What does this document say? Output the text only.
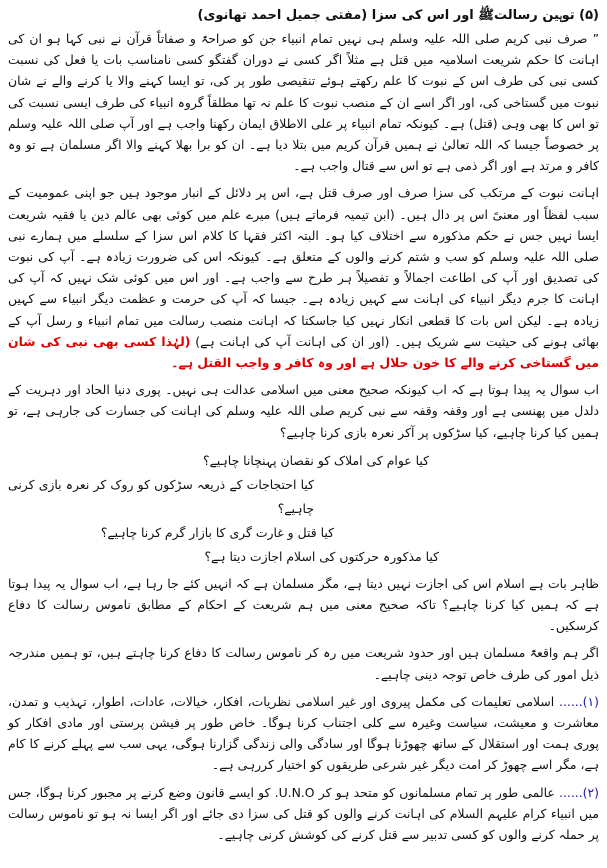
(۵) توہین رسالتﷺ اور اس کی سزا (مفتی جمیل احمد تھانوی)

” صرف نبی کریم صلی اللہ علیہ وسلم ہی نہیں تمام انبیاء جن کو صراحۃً و صفاتاً قرآن نے نبی کہا ہو ان کی اہانت کا حکم شریعت اسلامیہ میں قتل ہے مثلاً اگر کسی نے دوران گفتگو کسی نامناسب بات یا فعل کی نسبت کسی نبی کی طرف اس کے نبوت کا علم رکھتے ہوئے تنقیصی طور پر کی، تو ایسا کہنے والا یا کرنے والے نے شان نبوت میں گستاخی کی، اور اگر اسے ان کے منصب نبوت کا علم نہ تھا مطلقاً گروہ انبیاء کی طرف ایسی نسبت کی تو اس کا بھی وہی (قتل) ہے۔ کیونکہ تمام انبیاء پر علی الاطلاق ایمان رکھنا واجب ہے اور آپ صلی اللہ علیہ وسلم پر خصوصاً جیسا کہ اللہ تعالیٰ نے ہمیں قرآن کریم میں بتلا دیا ہے۔ ان کو برا بھلا کہنے والا اگر مسلمان ہے تو وہ کافر و مرتد ہے اور اگر ذمی ہے تو اس سے قتال واجب ہے۔

اہانت نبوت کے مرتکب کی سزا صرف اور صرف قتل ہے، اس پر دلائل کے انبار موجود ہیں جو اپنی عمومیت کے سبب لفظاً اور معنیً اس پر دال ہیں۔ (ابن تیمیہ فرماتے ہیں) میرے علم میں کوئی بھی عالم دین یا فقیہ شریعت ایسا نہیں جس نے حکم مذکورہ سے اختلاف کیا ہو۔ البتہ اکثر فقہا کا کلام اس سزا کے سلسلے میں ہمارے نبی صلی اللہ علیہ وسلم کو سب و شتم کرنے والوں کے متعلق ہے۔ کیونکہ اس کی ضرورت زیادہ ہے۔ آپ کی نبوت کی تصدیق اور آپ کی اطاعت اجمالاً و تفصیلاً ہر طرح سے واجب ہے۔ اور اس میں کوئی شک نہیں کہ آپ کی اہانت کا جرم دیگر انبیاء کی اہانت سے کہیں زیادہ ہے۔ جیسا کہ آپ کی حرمت و عظمت دیگر انبیاء سے کہیں زیادہ ہے۔ لیکن اس بات کا قطعی انکار نہیں کیا جاسکتا کہ اہانت منصب رسالت میں تمام انبیاء و رسل آپ کے بھائی ہونے کی حیثیت سے شریک ہیں۔ (اور ان کی اہانت آپ کی اہانت ہے) (لہٰذا کسی بھی نبی کی شان میں گستاخی کرنے والے کا خون حلال ہے اور وہ کافر و واجب القتل ہے۔

اب سوال یہ پیدا ہوتا ہے کہ اب کیونکہ صحیح معنی میں اسلامی عدالت ہی نہیں۔ پوری دنیا الحاد اور دہریت کے دلدل میں پھنسی ہے اور وقفہ وقفہ سے نبی کریم صلی اللہ علیہ وسلم کی اہانت کی جسارت کی جارہی ہے، تو ہمیں کیا کرنا چاہیے، کیا سڑکوں پر آکر نعرہ بازی کرنا چاہیے؟

کیا عوام کی املاک کو نقصان پہنچانا چاہیے؟
کیا احتجاجات کے ذریعہ سڑکوں کو روک کر نعرہ بازی کرنی چاہیے؟
کیا قتل و غارت گری کا بازار گرم کرنا چاہیے؟
کیا مذکورہ حرکتوں کی اسلام اجازت دیتا ہے؟

ظاہر بات ہے اسلام اس کی اجازت نہیں دیتا ہے، مگر مسلمان ہے کہ انہیں کئے جا رہا ہے، اب سوال یہ پیدا ہوتا ہے کہ ہمیں کیا کرنا چاہیے؟ تاکہ صحیح معنی میں ہم شریعت کے احکام کے مطابق ناموس رسالت کا دفاع کرسکیں۔

اگر ہم واقعۃً مسلمان ہیں اور حدود شریعت میں رہ کر ناموس رسالت کا دفاع کرنا چاہتے ہیں، تو ہمیں مندرجہ ذیل امور کی طرف خاص توجہ دینی چاہیے۔

(۱)...... اسلامی تعلیمات کی مکمل پیروی اور غیر اسلامی نظریات، افکار، خیالات، عادات، اطوار، تہذیب و تمدن، معاشرت و معیشت، سیاست وغیرہ سے کلی اجتناب کرنا ہوگا۔ خاص طور پر فیشن پرستی اور مادی افکار کو پوری ہمت اور استقلال کے ساتھ چھوڑنا ہوگا اور سادگی والی زندگی گزارنا ہوگی، یہی سب سے پہلے کرنے کا کام ہے، مگر اسے چھوڑ کر امت دیگر غیر شرعی طریقوں کو اختیار کررہی ہے۔

(۲)...... عالمی طور پر تمام مسلمانوں کو متحد ہو کر U.N.O. کو ایسے قانون وضع کرنے پر مجبور کرنا ہوگا، جس میں انبیاء کرام علیہم السلام کی اہانت کرنے والوں کو قتل کی سزا دی جائے اور اگر ایسا نہ ہو تو ناموس رسالت پر حملہ کرنے والوں کو کسی تدبیر سے قتل کرنے کی کوشش کرنی چاہیے۔
